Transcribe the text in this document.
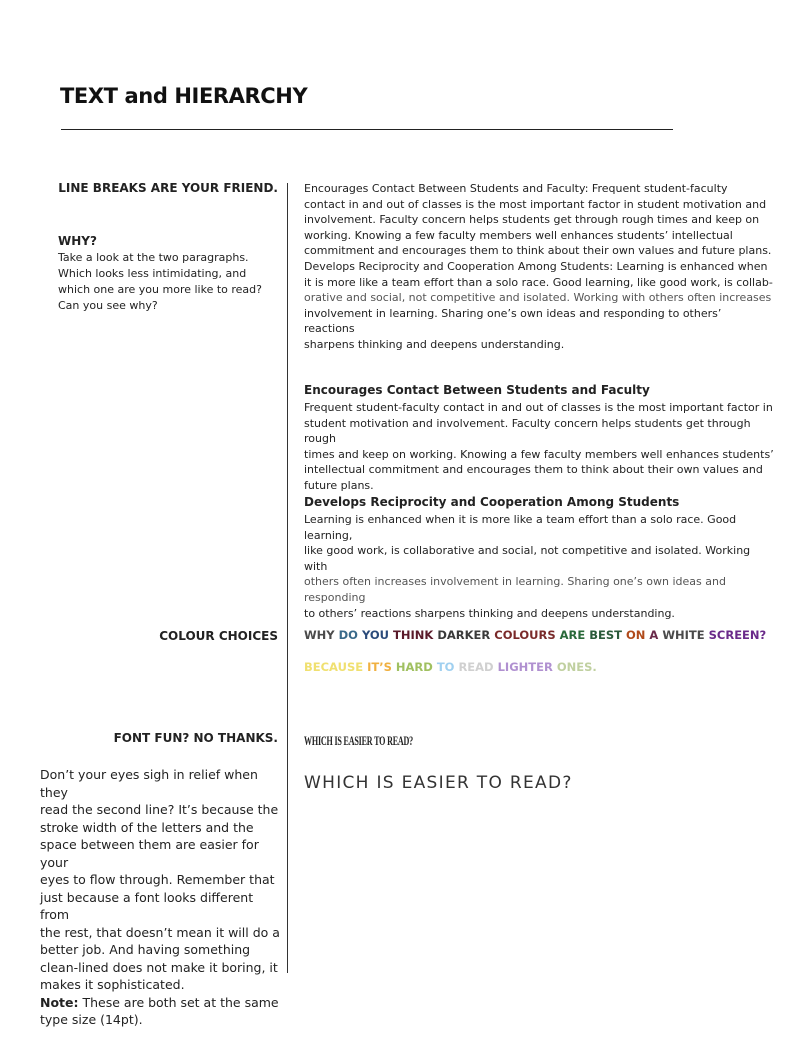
TEXT and HIERARCHY
LINE BREAKS ARE YOUR FRIEND.
WHY?
Take a look at the two paragraphs. Which looks less intimidating, and which one are you more like to read? Can you see why?
Encourages Contact Between Students and Faculty: Frequent student-faculty
contact in and out of classes is the most important factor in student motivation and
involvement. Faculty concern helps students get through rough times and keep on
working. Knowing a few faculty members well enhances students’ intellectual
commitment and encourages them to think about their own values and future plans.
Develops Reciprocity and Cooperation Among Students: Learning is enhanced when
it is more like a team effort than a solo race. Good learning, like good work, is collab-
orative and social, not competitive and isolated. Working with others often increases
involvement in learning. Sharing one’s own ideas and responding to others’ reactions
sharpens thinking and deepens understanding.
Encourages Contact Between Students and Faculty
Frequent student-faculty contact in and out of classes is the most important factor in
student motivation and involvement. Faculty concern helps students get through rough
times and keep on working. Knowing a few faculty members well enhances students’
intellectual commitment and encourages them to think about their own values and
future plans.
Develops Reciprocity and Cooperation Among Students
Learning is enhanced when it is more like a team effort than a solo race. Good learning,
like good work, is collaborative and social, not competitive and isolated. Working with
others often increases involvement in learning. Sharing one’s own ideas and responding
to others’ reactions sharpens thinking and deepens understanding.
COLOUR CHOICES WHY DO YOU THINK DARKER COLOURS ARE BEST ON A WHITE SCREEN?
BECAUSE IT’S HARD TO READ LIGHTER ONES.
FONT FUN? NO THANKS. WHICH IS EASIER TO READ?
WHICH IS EASIER TO READ?
Don’t your eyes sigh in relief when they
read the second line? It’s because the
stroke width of the letters and the
space between them are easier for your
eyes to flow through. Remember that
just because a font looks different from
the rest, that doesn’t mean it will do a
better job. And having something
clean-lined does not make it boring, it
makes it sophisticated.
Note: These are both set at the same
type size (14pt).
